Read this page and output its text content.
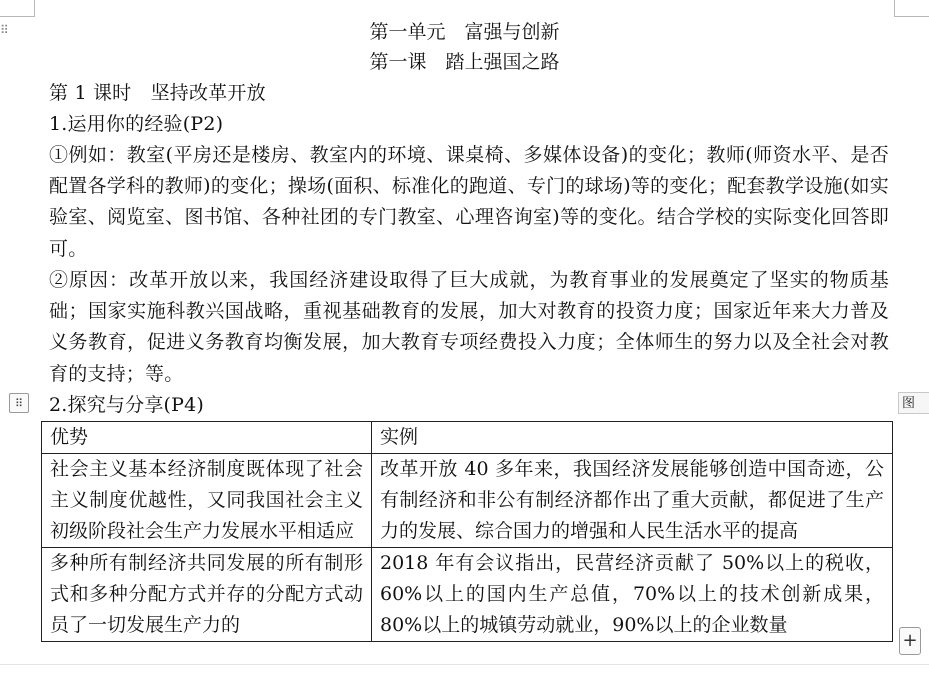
⠿	第一单元　富强与创新
第一课　踏上强国之路
第 1 课时　坚持改革开放
1.运用你的经验(P2)
①例如：教室(平房还是楼房、教室内的环境、课桌椅、多媒体设备)的变化；教师(师资水平、是否配置各学科的教师)的变化；操场(面积、标准化的跑道、专门的球场)等的变化；配套教学设施(如实验室、阅览室、图书馆、各种社团的专门教室、心理咨询室)等的变化。结合学校的实际变化回答即可。
②原因：改革开放以来，我国经济建设取得了巨大成就，为教育事业的发展奠定了坚实的物质基础；国家实施科教兴国战略，重视基础教育的发展，加大对教育的投资力度；国家近年来大力普及义务教育，促进义务教育均衡发展，加大教育专项经费投入力度；全体师生的努力以及全社会对教育的支持；等。
⠿	2.探究与分享(P4)	图
优势	实例
社会主义基本经济制度既体现了社会主义制度优越性，又同我国社会主义初级阶段社会生产力发展水平相适应	改革开放 40 多年来，我国经济发展能够创造中国奇迹，公有制经济和非公有制经济都作出了重大贡献，都促进了生产力的发展、综合国力的增强和人民生活水平的提高
多种所有制经济共同发展的所有制形式和多种分配方式并存的分配方式动员了一切发展生产力的	2018 年有会议指出，民营经济贡献了 50%以上的税收，60%以上的国内生产总值，70%以上的技术创新成果，80%以上的城镇劳动就业，90%以上的企业数量
+
